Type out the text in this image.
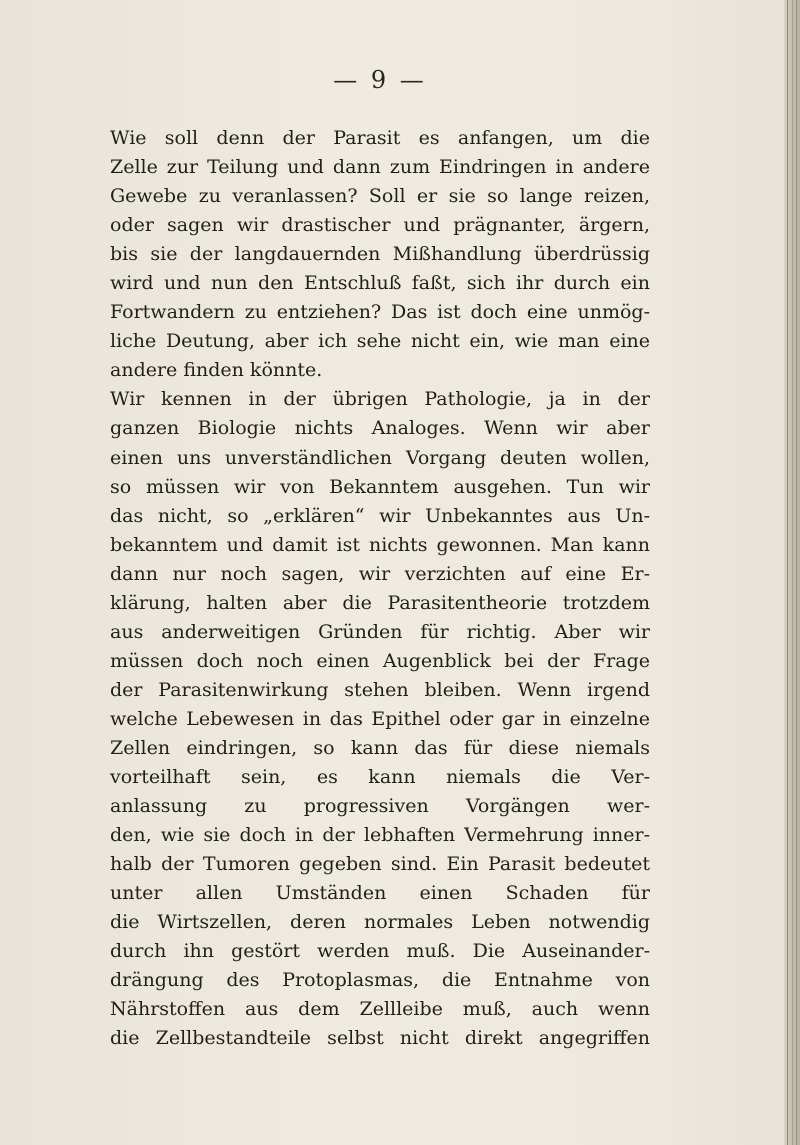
— 9 —
Wie soll denn der Parasit es anfangen, um die
Zelle zur Teilung und dann zum Eindringen in andere
Gewebe zu veranlassen? Soll er sie so lange reizen,
oder sagen wir drastischer und prägnanter, ärgern,
bis sie der langdauernden Mißhandlung überdrüssig
wird und nun den Entschluß faßt, sich ihr durch ein
Fortwandern zu entziehen? Das ist doch eine unmög-
liche Deutung, aber ich sehe nicht ein, wie man eine
andere finden könnte.
Wir kennen in der übrigen Pathologie, ja in der
ganzen Biologie nichts Analoges. Wenn wir aber
einen uns unverständlichen Vorgang deuten wollen,
so müssen wir von Bekanntem ausgehen. Tun wir
das nicht, so „erklären“ wir Unbekanntes aus Un-
bekanntem und damit ist nichts gewonnen. Man kann
dann nur noch sagen, wir verzichten auf eine Er-
klärung, halten aber die Parasitentheorie trotzdem
aus anderweitigen Gründen für richtig. Aber wir
müssen doch noch einen Augenblick bei der Frage
der Parasitenwirkung stehen bleiben. Wenn irgend
welche Lebewesen in das Epithel oder gar in einzelne
Zellen eindringen, so kann das für diese niemals
vorteilhaft sein, es kann niemals die Ver-
anlassung zu progressiven Vorgängen wer-
den, wie sie doch in der lebhaften Vermehrung inner-
halb der Tumoren gegeben sind. Ein Parasit bedeutet
unter allen Umständen einen Schaden für
die Wirtszellen, deren normales Leben notwendig
durch ihn gestört werden muß. Die Auseinander-
drängung des Protoplasmas, die Entnahme von
Nährstoffen aus dem Zellleibe muß, auch wenn
die Zellbestandteile selbst nicht direkt angegriffen
